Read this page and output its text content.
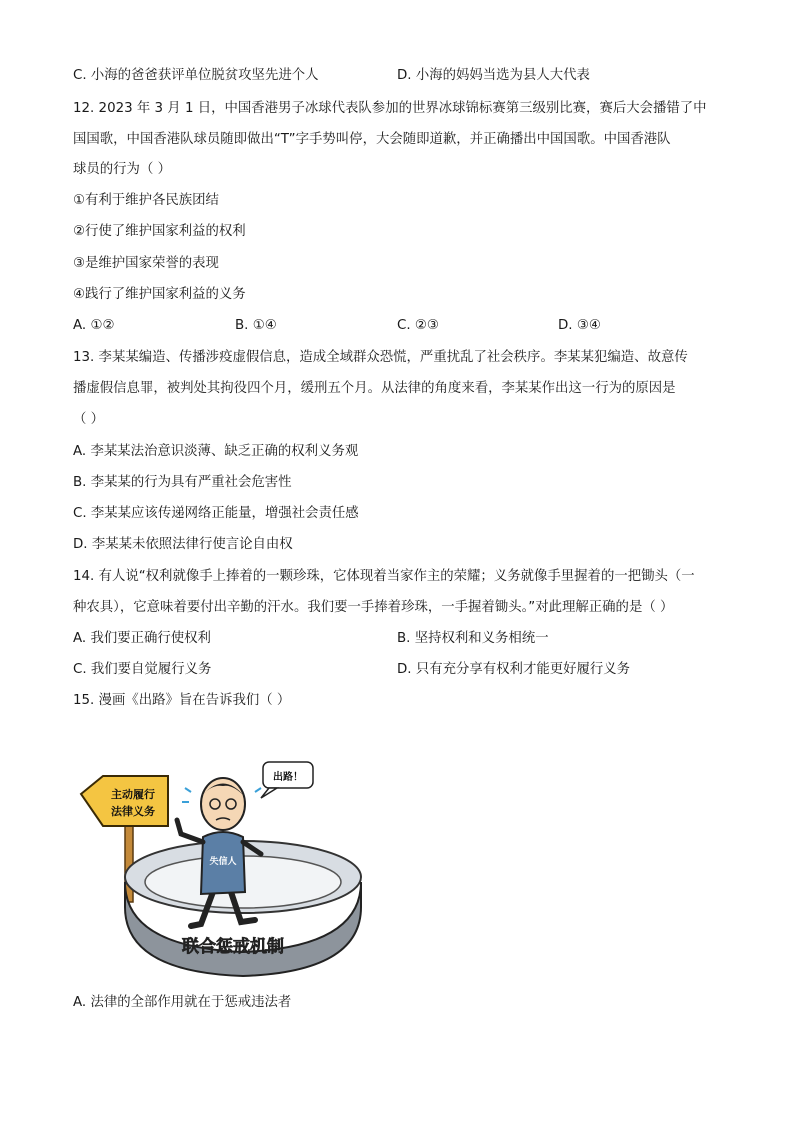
C. 小海的爸爸获评单位脱贫攻坚先进个人	D. 小海的妈妈当选为县人大代表
12. 2023 年 3 月 1 日，中国香港男子冰球代表队参加的世界冰球锦标赛第三级别比赛，赛后大会播错了中
国国歌，中国香港队球员随即做出“T”字手势叫停，大会随即道歉，并正确播出中国国歌。中国香港队
球员的行为（ ）
①有利于维护各民族团结
②行使了维护国家利益的权利
③是维护国家荣誉的表现
④践行了维护国家利益的义务
A. ①②	B. ①④	C. ②③	D. ③④
13. 李某某编造、传播涉疫虚假信息，造成全域群众恐慌，严重扰乱了社会秩序。李某某犯编造、故意传
播虚假信息罪，被判处其拘役四个月，缓刑五个月。从法律的角度来看，李某某作出这一行为的原因是
（ ）
A. 李某某法治意识淡薄、缺乏正确的权利义务观
B. 李某某的行为具有严重社会危害性
C. 李某某应该传递网络正能量，增强社会责任感
D. 李某某未依照法律行使言论自由权
14. 有人说“权利就像手上捧着的一颗珍珠，它体现着当家作主的荣耀；义务就像手里握着的一把锄头（一
种农具），它意味着要付出辛勤的汗水。我们要一手捧着珍珠，一手握着锄头。”对此理解正确的是（ ）
A. 我们要正确行使权利	B. 坚持权利和义务相统一
C. 我们要自觉履行义务	D. 只有充分享有权利才能更好履行义务
15. 漫画《出路》旨在告诉我们（ ）
主动履行
法律义务
失信人
出路！
联合惩戒机制
A. 法律的全部作用就在于惩戒违法者
